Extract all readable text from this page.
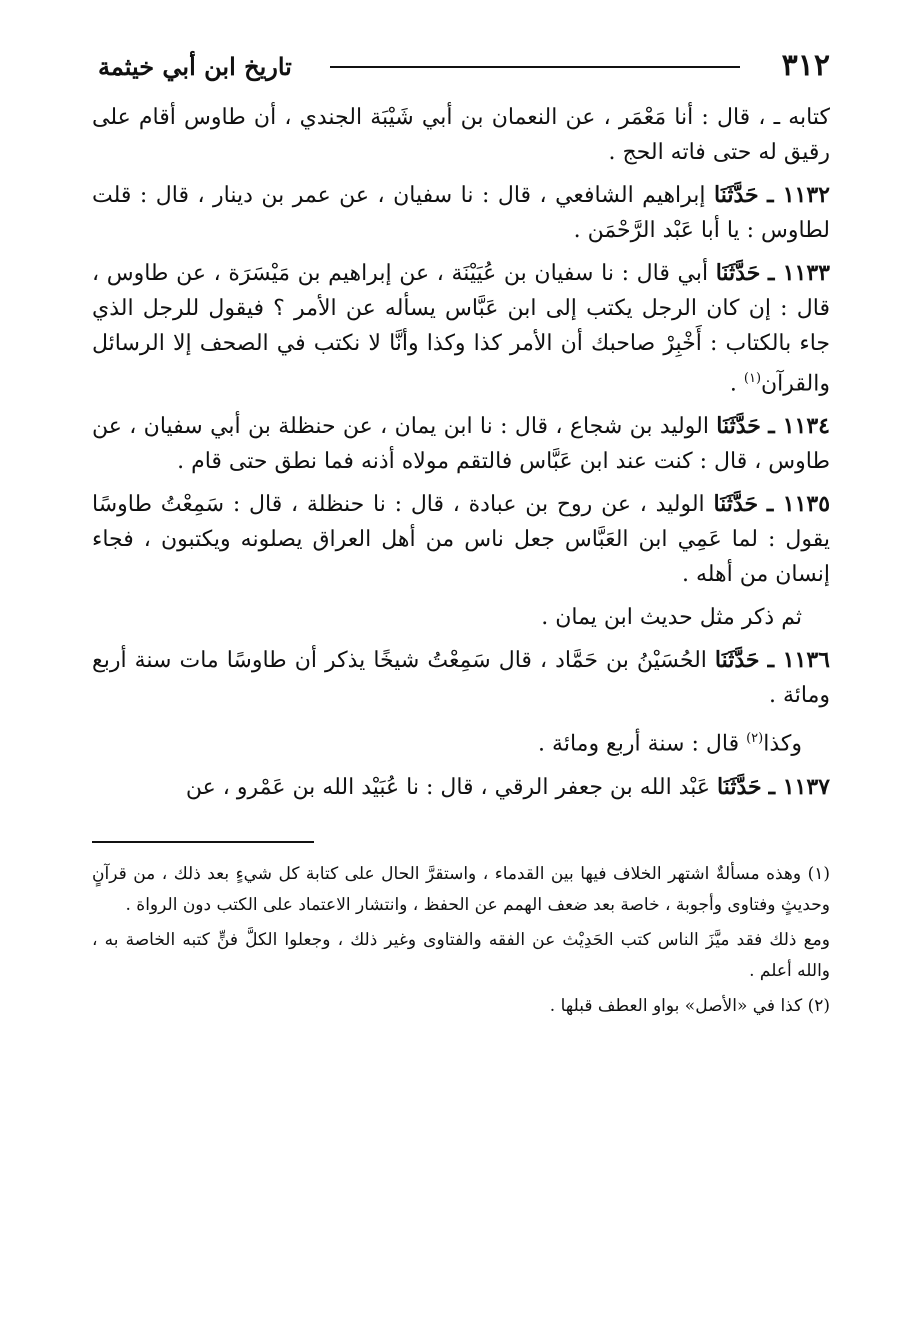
٣١٢
تاريخ ابن أبي خيثمة

كتابه ـ ، قال : أنا مَعْمَر ، عن النعمان بن أبي شَيْبَة الجندي ، أن طاوس أقام على رقيق له حتى فاته الحج .

١١٣٢ ـ حَدَّثَنَا إبراهيم الشافعي ، قال : نا سفيان ، عن عمر بن دينار ، قال : قلت لطاوس : يا أبا عَبْد الرَّحْمَن .

١١٣٣ ـ حَدَّثَنَا أبي قال : نا سفيان بن عُيَيْنَة ، عن إبراهيم بن مَيْسَرَة ، عن طاوس ، قال : إن كان الرجل يكتب إلى ابن عَبَّاس يسأله عن الأمر ؟ فيقول للرجل الذي جاء بالكتاب : أَخْبِرْ صاحبك أن الأمر كذا وكذا وأنَّا لا نكتب في الصحف إلا الرسائل والقرآن$^{(١)}$ .

١١٣٤ ـ حَدَّثَنَا الوليد بن شجاع ، قال : نا ابن يمان ، عن حنظلة بن أبي سفيان ، عن طاوس ، قال : كنت عند ابن عَبَّاس فالتقم مولاه أذنه فما نطق حتى قام .

١١٣٥ ـ حَدَّثَنَا الوليد ، عن روح بن عبادة ، قال : نا حنظلة ، قال : سَمِعْتُ طاوسًا يقول : لما عَمِي ابن العَبَّاس جعل ناس من أهل العراق يصلونه ويكتبون ، فجاء إنسان من أهله .

ثم ذكر مثل حديث ابن يمان .

١١٣٦ ـ حَدَّثَنَا الحُسَيْنُ بن حَمَّاد ، قال سَمِعْتُ شيخًا يذكر أن طاوسًا مات سنة أربع ومائة .

وكذا$^{(٢)}$ قال : سنة أربع ومائة .

١١٣٧ ـ حَدَّثَنَا عَبْد الله بن جعفر الرقي ، قال : نا عُبَيْد الله بن عَمْرو ، عن

(١) وهذه مسألةٌ اشتهر الخلاف فيها بين القدماء ، واستقرَّ الحال على كتابة كل شيءٍ بعد ذلك ، من قرآنٍ وحديثٍ وفتاوى وأجوبة ، خاصة بعد ضعف الهمم عن الحفظ ، وانتشار الاعتماد على الكتب دون الرواة .

ومع ذلك فقد ميَّزَ الناس كتب الحَدِيْث عن الفقه والفتاوى وغير ذلك ، وجعلوا الكلَّ فنٍّ كتبه الخاصة به ، والله أعلم .

(٢) كذا في «الأصل» بواو العطف قبلها .
